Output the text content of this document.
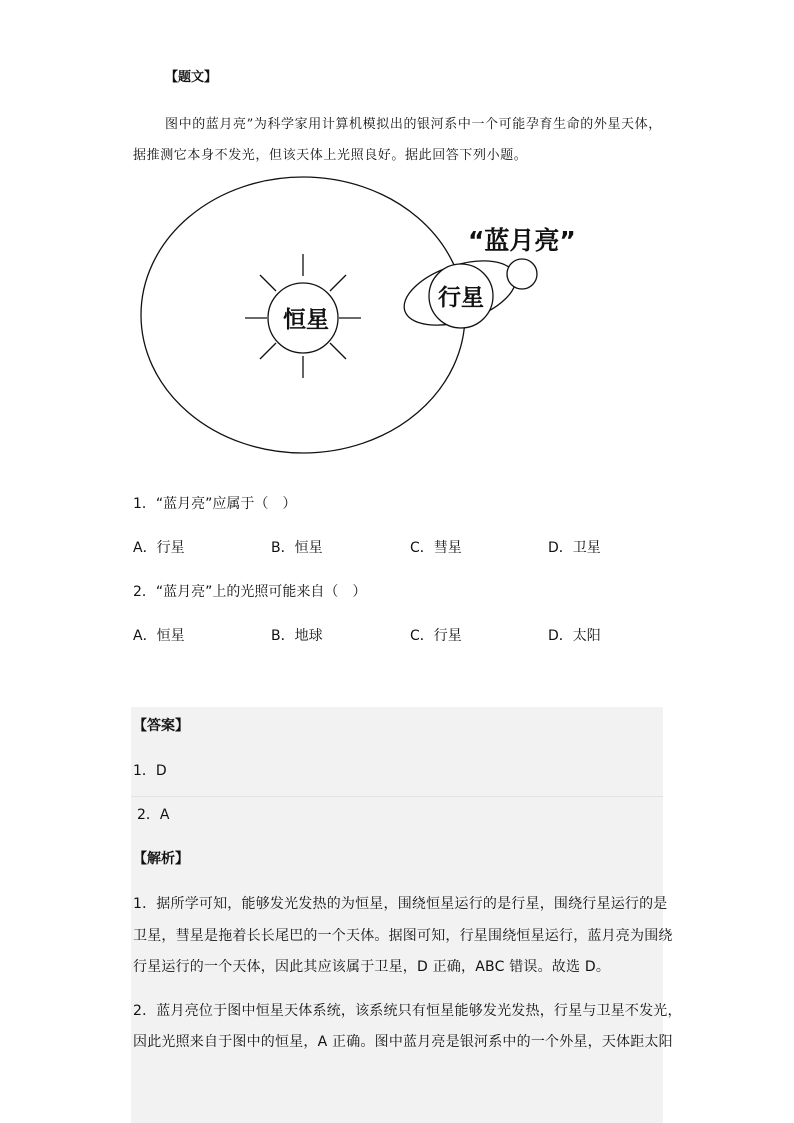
【题文】
图中的蓝月亮”为科学家用计算机模拟出的银河系中一个可能孕育生命的外星天体，
据推测它本身不发光，但该天体上光照良好。据此回答下列小题。
恒星
行星
“蓝月亮”
1．“蓝月亮”应属于（　）
A．行星	B．恒星	C．彗星	D．卫星
2．“蓝月亮”上的光照可能来自（　）
A．恒星	B．地球	C．行星	D．太阳
【答案】
1．D
2．A
【解析】
1．据所学可知，能够发光发热的为恒星，围绕恒星运行的是行星，围绕行星运行的是
卫星，彗星是拖着长长尾巴的一个天体。据图可知，行星围绕恒星运行，蓝月亮为围绕
行星运行的一个天体，因此其应该属于卫星，D 正确，ABC 错误。故选 D。
2．蓝月亮位于图中恒星天体系统，该系统只有恒星能够发光发热，行星与卫星不发光，
因此光照来自于图中的恒星，A 正确。图中蓝月亮是银河系中的一个外星，天体距太阳
